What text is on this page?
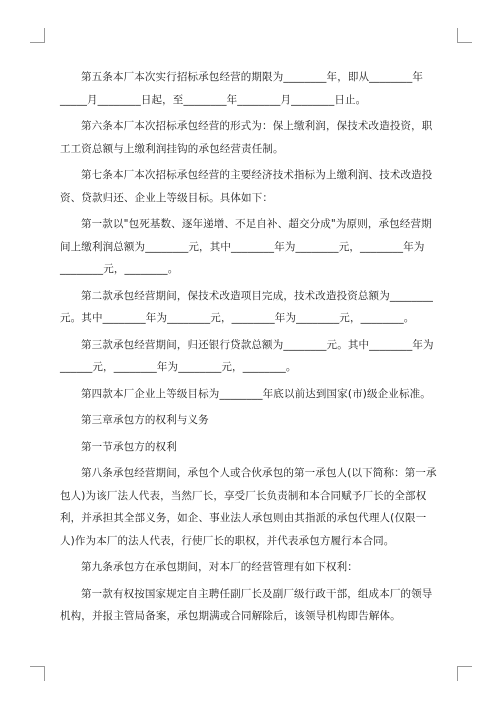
第五条本厂本次实行招标承包经营的期限为________年，即从________年_____月________日起，至________年________月________日止。

第六条本厂本次招标承包经营的形式为：保上缴利润，保技术改造投资，职工工资总额与上缴利润挂钩的承包经营责任制。

第七条本厂本次招标承包经营的主要经济技术指标为上缴利润、技术改造投资、贷款归还、企业上等级目标。具体如下：

第一款以"包死基数、逐年递增、不足自补、超交分成"为原则，承包经营期间上缴利润总额为________元，其中________年为________元，________年为________元，________。

第二款承包经营期间，保技术改造项目完成，技术改造投资总额为________元。其中________年为________元，________年为________元，________。

第三款承包经营期间，归还银行贷款总额为________元。其中________年为______元，________年为________元，________。

第四款本厂企业上等级目标为________年底以前达到国家(市)级企业标准。

第三章承包方的权利与义务

第一节承包方的权利

第八条承包经营期间，承包个人或合伙承包的第一承包人(以下简称：第一承包人)为该厂法人代表，当然厂长，享受厂长负责制和本合同赋予厂长的全部权利，并承担其全部义务，如企、事业法人承包则由其指派的承包代理人(仅限一人)作为本厂的法人代表，行使厂长的职权，并代表承包方履行本合同。

第九条承包方在承包期间，对本厂的经营管理有如下权利：

第一款有权按国家规定自主聘任副厂长及副厂级行政干部，组成本厂的领导机构，并报主管局备案，承包期满或合同解除后，该领导机构即告解体。
